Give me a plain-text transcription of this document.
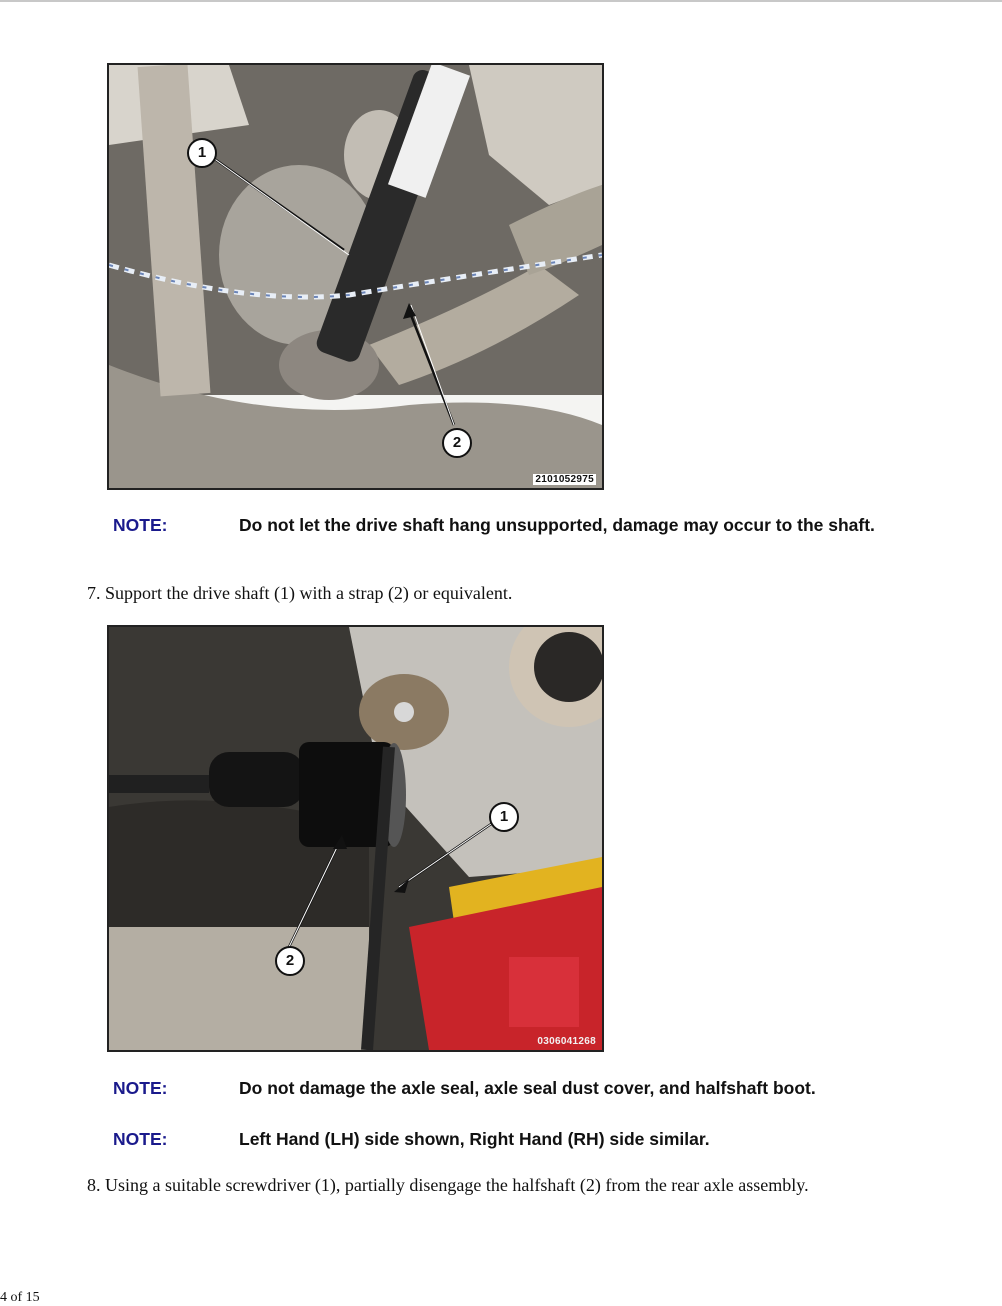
1
2
2101052975
NOTE:	Do not let the drive shaft hang unsupported, damage may occur to the shaft.
7. Support the drive shaft (1) with a strap (2) or equivalent.
1
2
0306041268
NOTE:	Do not damage the axle seal, axle seal dust cover, and halfshaft boot.
NOTE:	Left Hand (LH) side shown, Right Hand (RH) side similar.
8. Using a suitable screwdriver (1), partially disengage the halfshaft (2) from the rear axle assembly.
4 of 15
